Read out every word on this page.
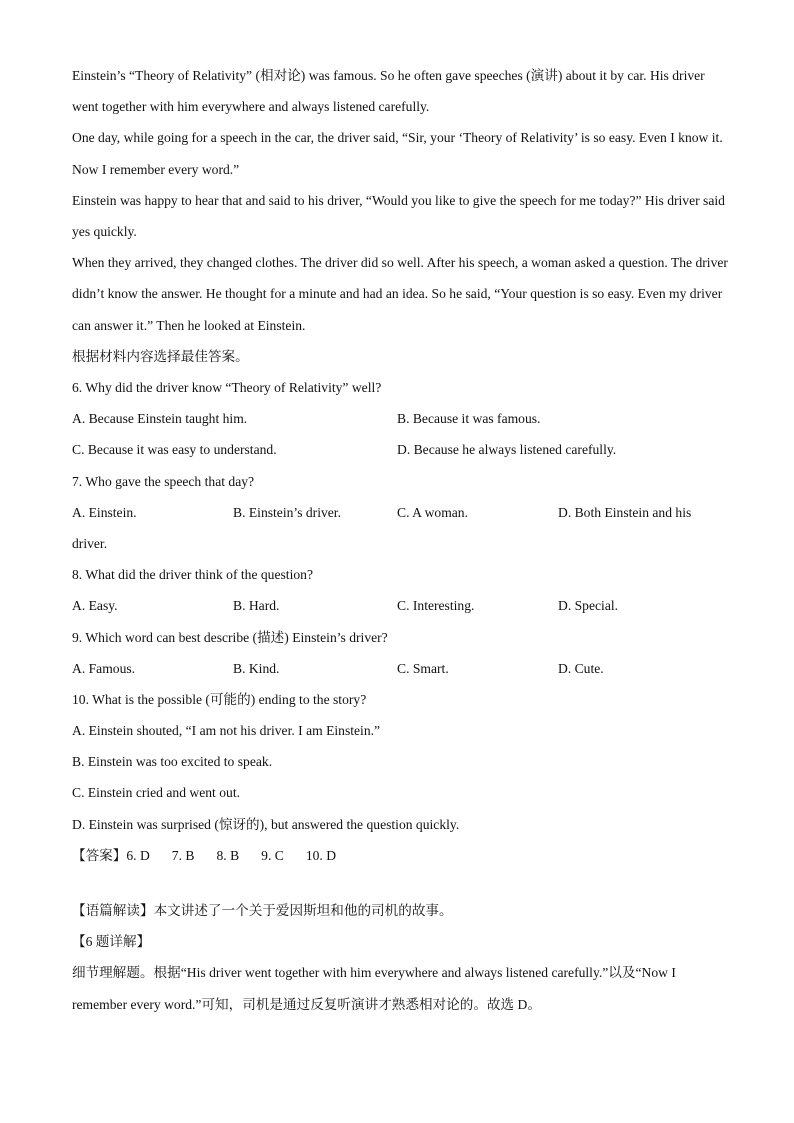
Einstein’s “Theory of Relativity” (相对论) was famous. So he often gave speeches (演讲) about it by car. His driver went together with him everywhere and always listened carefully.
One day, while going for a speech in the car, the driver said, “Sir, your ‘Theory of Relativity’ is so easy. Even I know it. Now I remember every word.”
Einstein was happy to hear that and said to his driver, “Would you like to give the speech for me today?” His driver said yes quickly.
When they arrived, they changed clothes. The driver did so well. After his speech, a woman asked a question. The driver didn’t know the answer. He thought for a minute and had an idea. So he said, “Your question is so easy. Even my driver can answer it.” Then he looked at Einstein.
根据材料内容选择最佳答案。
6. Why did the driver know “Theory of Relativity” well?
A. Because Einstein taught him.	B. Because it was famous.
C. Because it was easy to understand.	D. Because he always listened carefully.
7. Who gave the speech that day?
A. Einstein.	B. Einstein’s driver.	C. A woman.	D. Both Einstein and his
driver.
8. What did the driver think of the question?
A. Easy.	B. Hard.	C. Interesting.	D. Special.
9. Which word can best describe (描述) Einstein’s driver?
A. Famous.	B. Kind.	C. Smart.	D. Cute.
10. What is the possible (可能的) ending to the story?
A. Einstein shouted, “I am not his driver. I am Einstein.”
B. Einstein was too excited to speak.
C. Einstein cried and went out.
D. Einstein was surprised (惊讶的), but answered the question quickly.
【答案】6. D 7. B 8. B 9. C 10. D
【语篇解读】本文讲述了一个关于爱因斯坦和他的司机的故事。
【6 题详解】
细节理解题。根据“His driver went together with him everywhere and always listened carefully.”以及“Now I remember every word.”可知，司机是通过反复听演讲才熟悉相对论的。故选 D。
